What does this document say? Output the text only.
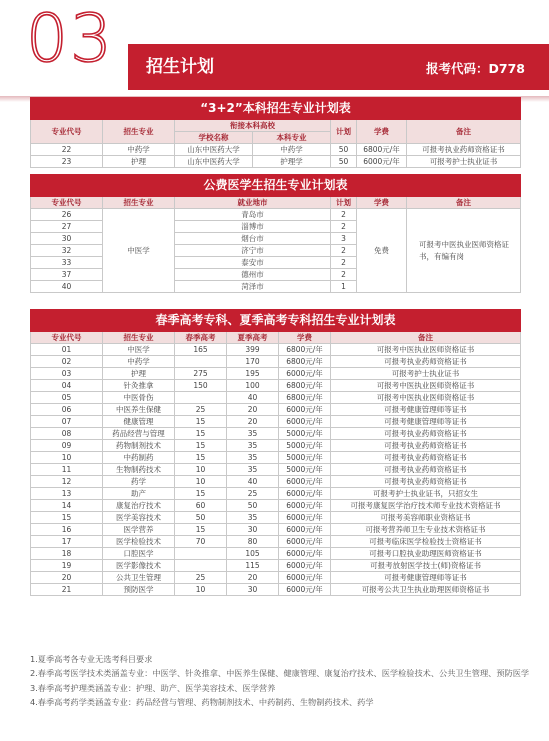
03 招生计划	报考代码：D778
“3+2”本科招生专业计划表						
专业代号	招生专业	衔接本科高校		计划	学费	备注
		学校名称	本科专业			
22	中药学	山东中医药大学	中药学	50	6800元/年	可报考执业药师资格证书
23	护理	山东中医药大学	护理学	50	6000元/年	可报考护士执业证书
公费医学生招生专业计划表					
专业代号	招生专业	就业地市	计划	学费	备注
26	中医学	青岛市	2	免费	可报考中医执业医师资格证书，有编有岗
27		淄博市	2		
30		烟台市	3		
32		济宁市	2		
33		泰安市	2		
37		德州市	2		
40		菏泽市	1		
春季高考专科、夏季高考专科招生专业计划表					
专业代号	招生专业	春季高考	夏季高考	学费	备注
01	中医学	165	399	6800元/年	可报考中医执业医师资格证书
02	中药学		170	6800元/年	可报考执业药师资格证书
03	护理	275	195	6000元/年	可报考护士执业证书
04	针灸推拿	150	100	6800元/年	可报考中医执业医师资格证书
05	中医骨伤		40	6800元/年	可报考中医执业医师资格证书
06	中医养生保健	25	20	6000元/年	可报考健康管理师等证书
07	健康管理	15	20	6000元/年	可报考健康管理师等证书
08	药品经营与管理	15	35	5000元/年	可报考执业药师资格证书
09	药物制剂技术	15	35	5000元/年	可报考执业药师资格证书
10	中药制药	15	35	5000元/年	可报考执业药师资格证书
11	生物制药技术	10	35	5000元/年	可报考执业药师资格证书
12	药学	10	40	6000元/年	可报考执业药师资格证书
13	助产	15	25	6000元/年	可报考护士执业证书，只招女生
14	康复治疗技术	60	50	6000元/年	可报考康复医学治疗技术师专业技术资格证书
15	医学美容技术	50	35	6000元/年	可报考美容师职业资格证书
16	医学营养	15	30	6000元/年	可报考营养师卫生专业技术资格证书
17	医学检验技术	70	80	6000元/年	可报考临床医学检验技士资格证书
18	口腔医学		105	6000元/年	可报考口腔执业助理医师资格证书
19	医学影像技术		115	6000元/年	可报考放射医学技士(师)资格证书
20	公共卫生管理	25	20	6000元/年	可报考健康管理师等证书
21	预防医学	10	30	6000元/年	可报考公共卫生执业助理医师资格证书
1.夏季高考各专业无选考科目要求
2.春季高考医学技术类涵盖专业：中医学、针灸推拿、中医养生保健、健康管理、康复治疗技术、医学检验技术、公共卫生管理、预防医学
3.春季高考护理类涵盖专业：护理、助产、医学美容技术、医学营养
4.春季高考药学类涵盖专业：药品经营与管理、药物制剂技术、中药制药、生物制药技术、药学
